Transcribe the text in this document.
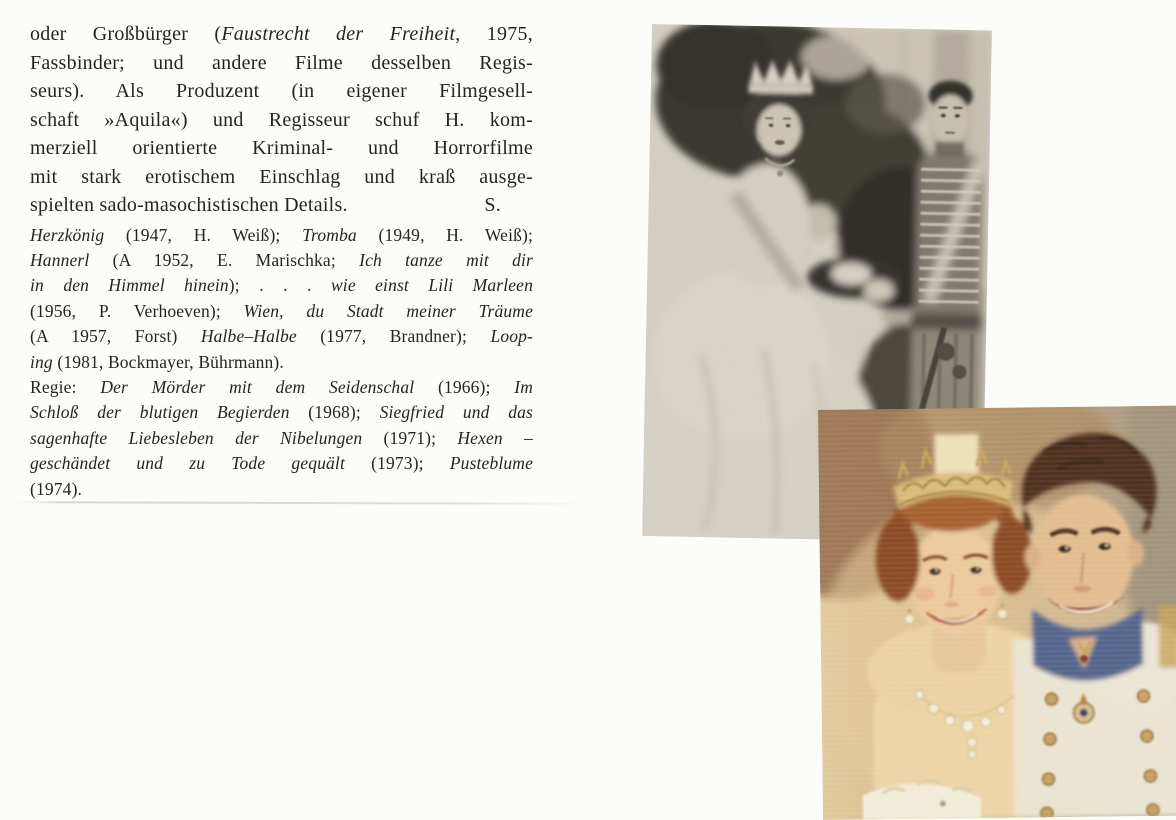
oder Großbürger (Faustrecht der Freiheit, 1975,
Fassbinder; und andere Filme desselben Regis-
seurs). Als Produzent (in eigener Filmgesell-
schaft »Aquila«) und Regisseur schuf H. kom-
merziell orientierte Kriminal- und Horrorfilme
mit stark erotischem Einschlag und kraß ausge-
spielten sado-masochistischen Details.	S.
Herzkönig (1947, H. Weiß); Tromba (1949, H. Weiß);
Hannerl (A 1952, E. Marischka; Ich tanze mit dir
in den Himmel hinein); . . . wie einst Lili Marleen
(1956, P. Verhoeven); Wien, du Stadt meiner Träume
(A 1957, Forst) Halbe–Halbe (1977, Brandner); Loop-
ing (1981, Bockmayer, Bührmann).
Regie: Der Mörder mit dem Seidenschal (1966); Im
Schloß der blutigen Begierden (1968); Siegfried und das
sagenhafte Liebesleben der Nibelungen (1971); Hexen –
geschändet und zu Tode gequält (1973); Pusteblume
(1974).
